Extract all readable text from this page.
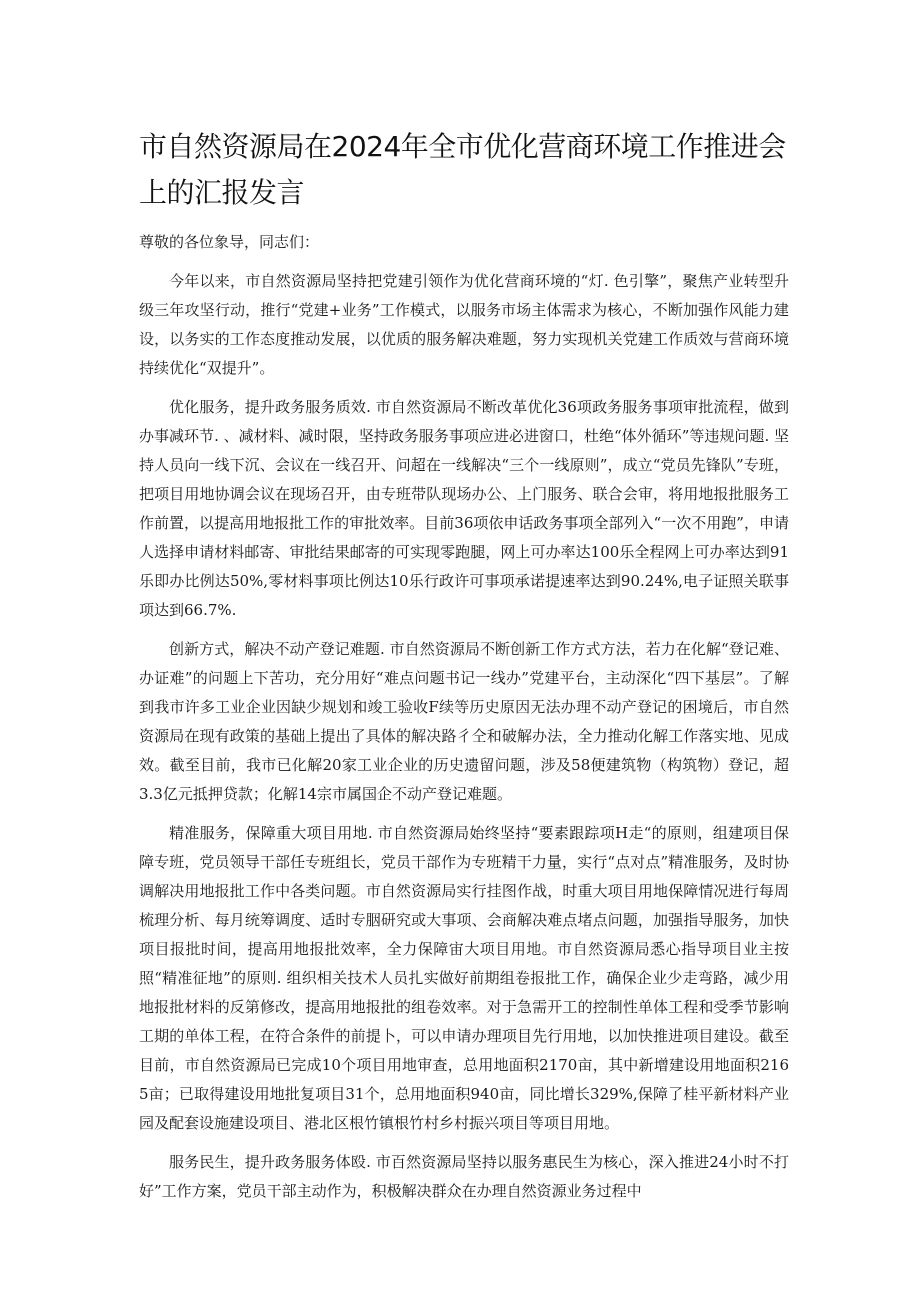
市自然资源局在2024年全市优化营商环境工作推进会上的汇报发言

尊敬的各位象导，同志们：

今年以来，市自然资源局坚持把党建引领作为优化营商环境的“灯. 色引擎”，聚焦产业转型升级三年攻坚行动，推行“党建+业务”工作模式，以服务市场主体需求为核心，不断加强作风能力建设，以务实的工作态度推动发展，以优质的服务解决难题，努力实现机关党建工作质效与营商环境持续优化“双提升”。

优化服务，提升政务服务质效. 市自然资源局不断改革优化36项政务服务事项审批流程，做到办事减环节. 、减材料、减时限，坚持政务服务事项应进必进窗口，杜绝“体外循环”等违规问题. 坚持人员向一线下沉、会议在一线召开、问超在一线解决“三个一线原则”，成立“党员先锋队”专班，把项目用地协调会议在现场召开，由专班带队现场办公、上门服务、联合会审，将用地报批服务工作前置，以提高用地报批工作的审批效率。目前36项依申话政务事项全部列入“一次不用跑”，申请人选择申请材料邮寄、审批结果邮寄的可实现零跑腿，网上可办率达100乐全程网上可办率达到91乐即办比例达50%,零材料事项比例达10乐行政许可事项承诺提速率达到90.24%,电子证照关联事项达到66.7%.

创新方式，解决不动产登记难题. 市自然资源局不断创新工作方式方法，若力在化解“登记难、办证难”的问题上下苦功，充分用好“难点问题书记一线办”党建平台，主动深化“四下基层”。了解到我市许多工业企业因缺少规划和竣工验收F续等历史原因无法办理不动产登记的困境后，市自然资源局在现有政策的基础上提出了具体的解决路彳仝和破解办法，全力推动化解工作落实地、见成效。截至目前，我市已化解20家工业企业的历史遗留问题，涉及58便建筑物（构筑物）登记，超3.3亿元抵押贷款；化解14宗市属国企不动产登记难题。

精准服务，保障重大项目用地. 市自然资源局始终坚持“要素跟踪项H走“的原则，组建项目保障专班，党员领导干部任专班组长，党员干部作为专班精干力量，实行“点对点”精准服务，及时协调解决用地报批工作中各类问题。市自然资源局实行挂图作战，时重大项目用地保障情况进行每周梳理分析、每月统筹调度、适时专胭研究或大事项、会商解决难点堵点问题，加强指导服务，加快项目报批时间，提高用地报批效率，全力保障宙大项目用地。市自然资源局悉心指导项目业主按照“精准征地”的原则. 组织相关技术人员扎实做好前期组卷报批工作，确保企业少走弯路，减少用地报批材料的反第修改，提高用地报批的组卷效率。对于急需开工的控制性单体工程和受季节影响工期的单体工程，在符合条件的前提卜，可以申请办理项目先行用地，以加快推进项目建设。截至目前，市自然资源局已完成10个项目用地审查，总用地面积2170亩，其中新增建设用地面积2165亩；已取得建设用地批复项目31个，总用地面积940亩，同比增长329%,保障了桂平新材料产业园及配套设施建设项目、港北区根竹镇根竹村乡村振兴项目等项目用地。

服务民生，提升政务服务体殴. 市百然资源局坚持以服务惠民生为核心，深入推进24小时不打好”工作方案，党员干部主动作为，积极解决群众在办理自然资源业务过程中
